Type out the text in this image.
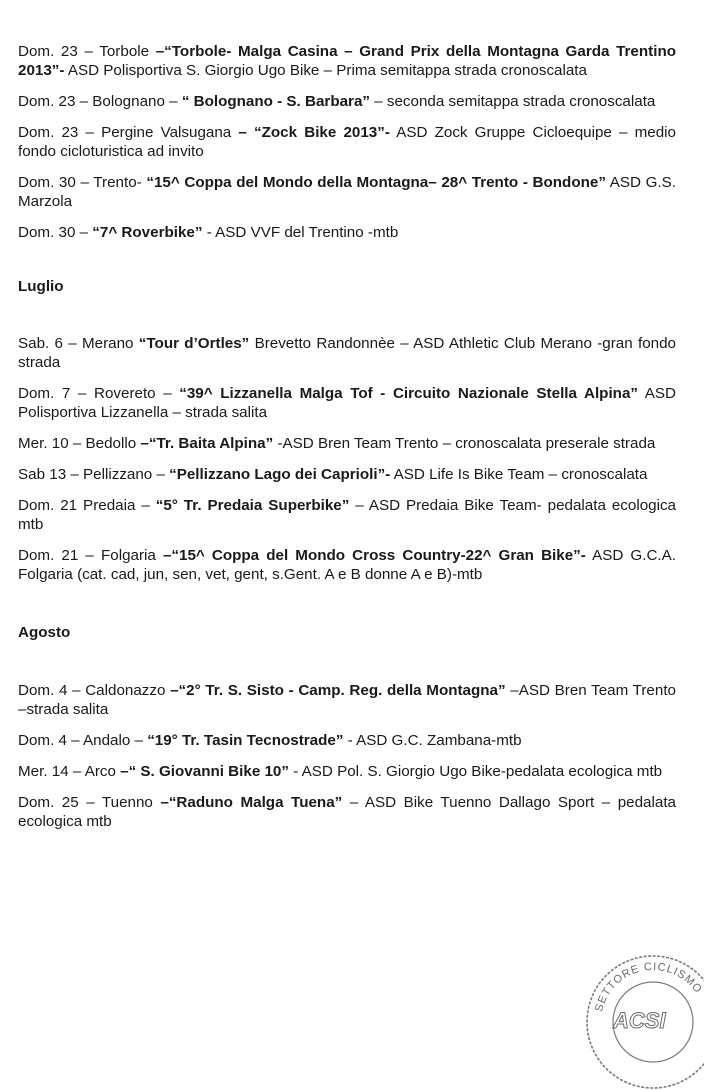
Dom. 23 – Torbole –“Torbole- Malga Casina – Grand Prix della Montagna Garda Trentino 2013”- ASD Polisportiva S. Giorgio Ugo Bike – Prima semitappa strada cronoscalata

Dom. 23 – Bolognano – “ Bolognano - S. Barbara” – seconda semitappa strada cronoscalata

Dom. 23 – Pergine Valsugana – “Zock Bike 2013”- ASD Zock Gruppe Cicloequipe – medio fondo cicloturistica ad invito

Dom. 30 – Trento- “15^ Coppa del Mondo della Montagna– 28^ Trento - Bondone” ASD G.S. Marzola

Dom. 30 – “7^ Roverbike” - ASD VVF del Trentino -mtb

Luglio

Sab. 6 – Merano “Tour d’Ortles” Brevetto Randonnèe – ASD Athletic Club Merano -gran fondo strada

Dom. 7 – Rovereto – “39^ Lizzanella Malga Tof - Circuito Nazionale Stella Alpina” ASD Polisportiva Lizzanella – strada salita

Mer. 10 – Bedollo –“Tr. Baita Alpina” -ASD Bren Team Trento – cronoscalata preserale strada

Sab 13 – Pellizzano – “Pellizzano Lago dei Caprioli”- ASD Life Is Bike Team – cronoscalata

Dom. 21 Predaia – “5° Tr. Predaia Superbike” – ASD Predaia Bike Team- pedalata ecologica mtb

Dom. 21 – Folgaria –“15^ Coppa del Mondo Cross Country-22^ Gran Bike”- ASD G.C.A. Folgaria (cat. cad, jun, sen, vet, gent, s.Gent. A e B donne A e B)-mtb

Agosto

Dom. 4 – Caldonazzo –“2° Tr. S. Sisto - Camp. Reg. della Montagna” –ASD Bren Team Trento –strada salita

Dom. 4 – Andalo – “19° Tr. Tasin Tecnostrade” - ASD G.C. Zambana-mtb

Mer. 14 – Arco –“ S. Giovanni Bike 10” - ASD Pol. S. Giorgio Ugo Bike-pedalata ecologica mtb

Dom. 25 – Tuenno –“Raduno Malga Tuena” – ASD Bike Tuenno Dallago Sport – pedalata ecologica mtb

SETTORE CICLISMO
ACSI
